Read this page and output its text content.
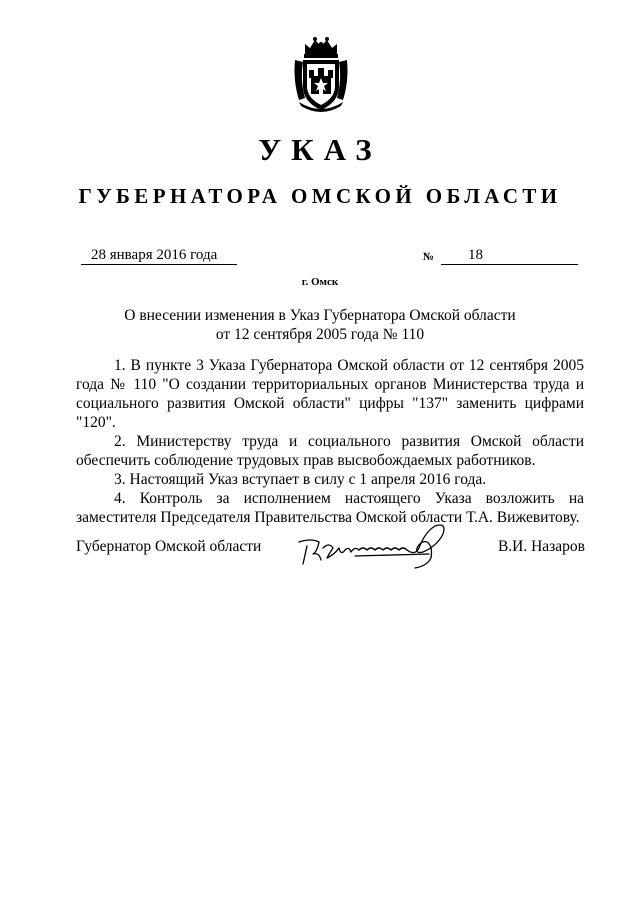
УКАЗ
ГУБЕРНАТОРА ОМСКОЙ ОБЛАСТИ
28 января 2016 года	№	18
г. Омск
О внесении изменения в Указ Губернатора Омской области
от 12 сентября 2005 года № 110

1. В пункте 3 Указа Губернатора Омской области от 12 сентября 2005 года № 110 "О создании территориальных органов Министерства труда и социального развития Омской области" цифры "137" заменить цифрами "120".

2. Министерству труда и социального развития Омской области обеспечить соблюдение трудовых прав высвобождаемых работников.

3. Настоящий Указ вступает в силу с 1 апреля 2016 года.

4. Контроль за исполнением настоящего Указа возложить на заместителя Председателя Правительства Омской области Т.А. Вижевитову.

Губернатор Омской области	В.И. Назаров
